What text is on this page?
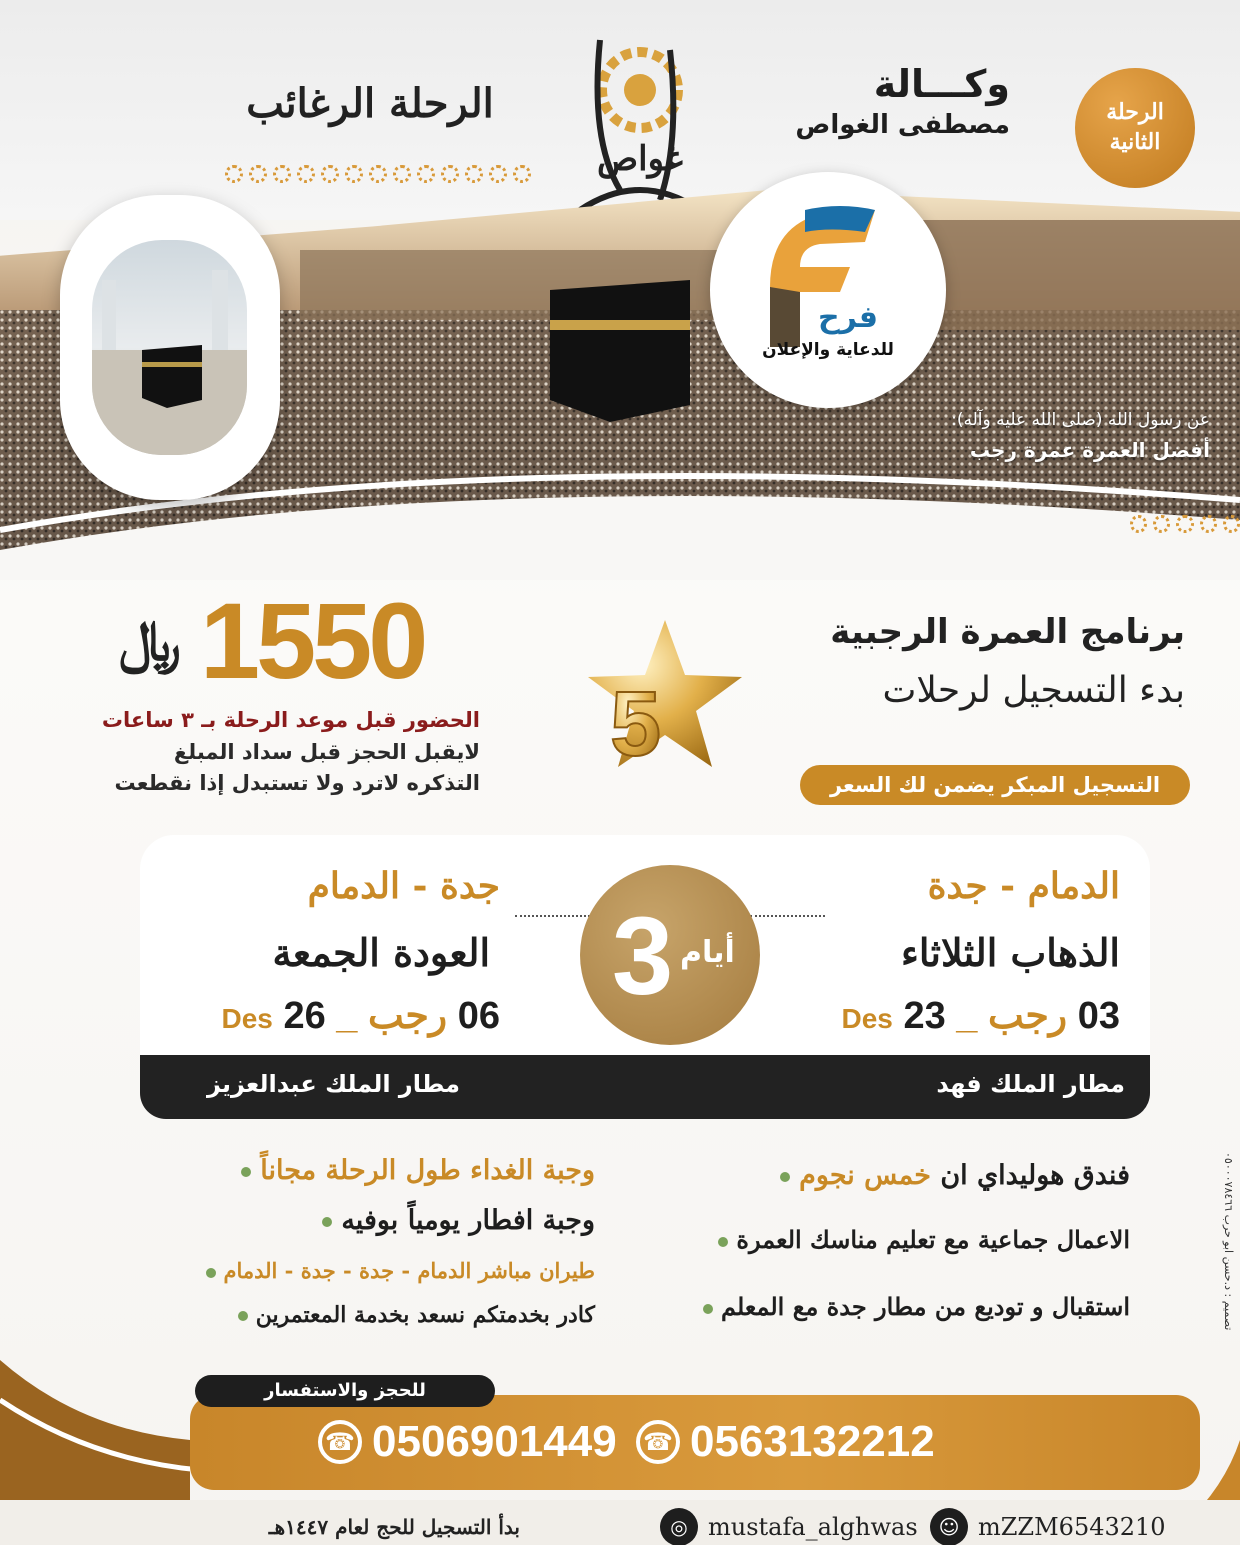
الرحلة الرغائب
غواص
وكـــالة
مصطفى الغواص	الرحلة
الثانية
فرح
للدعاية والإعلان
عن رسول الله (صلى الله عليه وآله):
أفضل العمرة عمرة رجب
1550
﷼
الحضور قبل موعد الرحلة بـ ٣ ساعات
لايقبل الحجز قبل سداد المبلغ
التذكره لاترد ولا تستبدل إذا نقطعت
5
برنامج العمرة الرجبية
بدء التسجيل لرحلات
التسجيل المبكر يضمن لك السعر
الدمام - جدة
الذهاب الثلاثاء
03 رجب _ 23 Des
جدة - الدمام
العودة الجمعة
06 رجب _ 26 Des
3 أيام
مطار الملك فهد
مطار الملك عبدالعزيز
فندق هوليداي ان خمس نجوم
الاعمال جماعية مع تعليم مناسك العمرة
استقبال و توديع من مطار جدة مع المعلم
وجبة الغداء طول الرحلة مجاناً
وجبة افطار يومياً بوفيه
طيران مباشر الدمام - جدة - جدة - الدمام
كادر بخدمتكم نسعد بخدمة المعتمرين
تصميم : د.حسن ابو حرب ٠٥٠٠٠٧٨٤٦٦
للحجز والاستفسار
☎
0506901449
☎ 0563132212
بدأ التسجيل للحج لعام ١٤٤٧هـ	◎ mustafa_alghwas	☺ mZZM6543210
